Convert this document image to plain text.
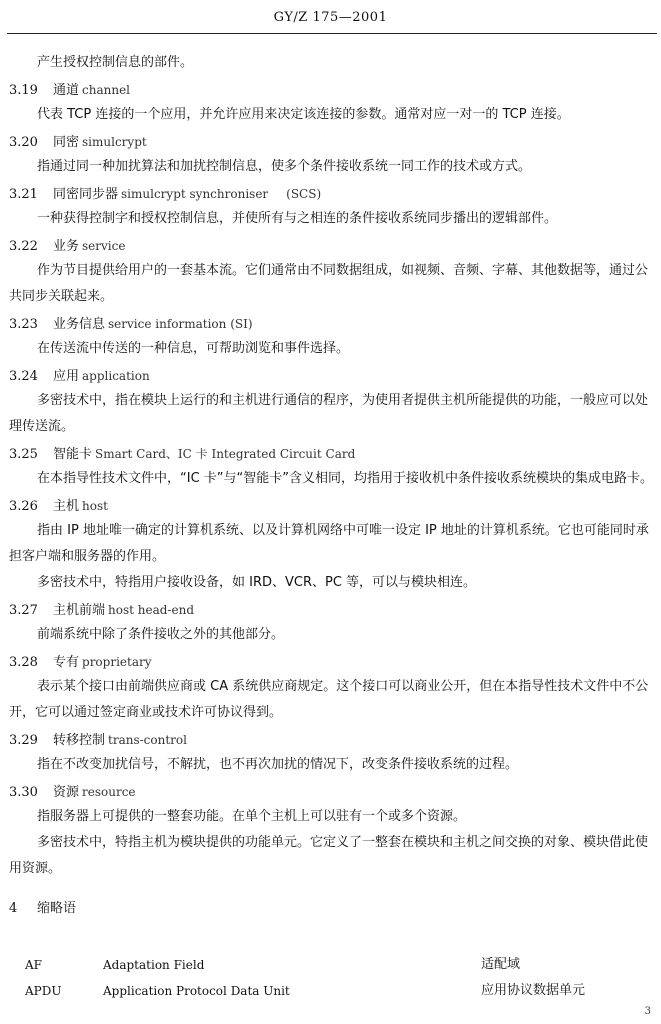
GY/Z 175—2001
产生授权控制信息的部件。
3.19 通道 channel
代表 TCP 连接的一个应用，并允许应用来决定该连接的参数。通常对应一对一的 TCP 连接。
3.20 同密 simulcrypt
指通过同一种加扰算法和加扰控制信息，使多个条件接收系统一同工作的技术或方式。
3.21 同密同步器 simulcrypt synchroniser (SCS)
一种获得控制字和授权控制信息，并使所有与之相连的条件接收系统同步播出的逻辑部件。
3.22 业务 service
作为节目提供给用户的一套基本流。它们通常由不同数据组成，如视频、音频、字幕、其他数据等，通过公共同步关联起来。
3.23 业务信息 service information (SI)
在传送流中传送的一种信息，可帮助浏览和事件选择。
3.24 应用 application
多密技术中，指在模块上运行的和主机进行通信的程序，为使用者提供主机所能提供的功能，一般应可以处理传送流。
3.25 智能卡 Smart Card、IC 卡 Integrated Circuit Card
在本指导性技术文件中，“IC 卡”与“智能卡”含义相同，均指用于接收机中条件接收系统模块的集成电路卡。
3.26 主机 host
指由 IP 地址唯一确定的计算机系统、以及计算机网络中可唯一设定 IP 地址的计算机系统。它也可能同时承担客户端和服务器的作用。
多密技术中，特指用户接收设备，如 IRD、VCR、PC 等，可以与模块相连。
3.27 主机前端 host head-end
前端系统中除了条件接收之外的其他部分。
3.28 专有 proprietary
表示某个接口由前端供应商或 CA 系统供应商规定。这个接口可以商业公开，但在本指导性技术文件中不公开，它可以通过签定商业或技术许可协议得到。
3.29 转移控制 trans-control
指在不改变加扰信号，不解扰，也不再次加扰的情况下，改变条件接收系统的过程。
3.30 资源 resource
指服务器上可提供的一整套功能。在单个主机上可以驻有一个或多个资源。
多密技术中，特指主机为模块提供的功能单元。它定义了一整套在模块和主机之间交换的对象、模块借此使用资源。
4 缩略语
AF	Adaptation Field	适配域
APDU	Application Protocol Data Unit	应用协议数据单元
3
